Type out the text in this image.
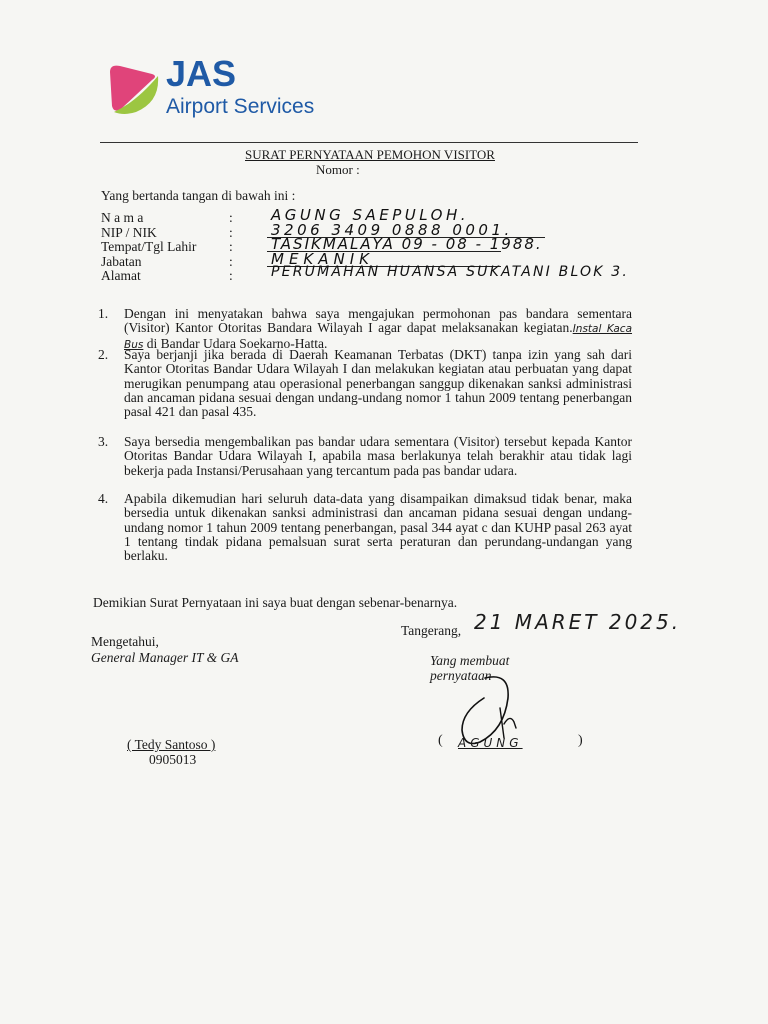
JAS
Airport Services
SURAT PERNYATAAN PEMOHON VISITOR
Nomor :
Yang bertanda tangan di bawah ini :
N a m a	:	AGUNG SAEPULOH.
NIP / NIK	:	3206 3409 0888 0001.
Tempat/Tgl Lahir :	TASIKMALAYA 09 - 08 - 1988.
Jabatan	:	MEKANIK
Alamat	:	PERUMAHAN HUANSA SUKATANI BLOK 3.
1. Dengan ini menyatakan bahwa saya mengajukan permohonan pas bandara sementara (Visitor) Kantor Otoritas Bandara Wilayah I agar dapat melaksanakan kegiatan.Instal Kaca Bus di Bandar Udara Soekarno-Hatta.
2. Saya berjanji jika berada di Daerah Keamanan Terbatas (DKT) tanpa izin yang sah dari Kantor Otoritas Bandar Udara Wilayah I dan melakukan kegiatan atau perbuatan yang dapat merugikan penumpang atau operasional penerbangan sanggup dikenakan sanksi administrasi dan ancaman pidana sesuai dengan undang-undang nomor 1 tahun 2009 tentang penerbangan pasal 421 dan pasal 435.
3. Saya bersedia mengembalikan pas bandar udara sementara (Visitor) tersebut kepada Kantor Otoritas Bandar Udara Wilayah I, apabila masa berlakunya telah berakhir atau tidak lagi bekerja pada Instansi/Perusahaan yang tercantum pada pas bandar udara.
4. Apabila dikemudian hari seluruh data-data yang disampaikan dimaksud tidak benar, maka bersedia untuk dikenakan sanksi administrasi dan ancaman pidana sesuai dengan undang-undang nomor 1 tahun 2009 tentang penerbangan, pasal 344 ayat c dan KUHP pasal 263 ayat 1 tentang tindak pidana pemalsuan surat serta peraturan dan perundang-undangan yang berlaku.
Demikian Surat Pernyataan ini saya buat dengan sebenar-benarnya.
Tangerang, 21 MARET 2025.
Mengetahui,
General Manager IT & GA
( Tedy Santoso )
0905013
Yang membuat
pernyataan
( AGUNG	)
